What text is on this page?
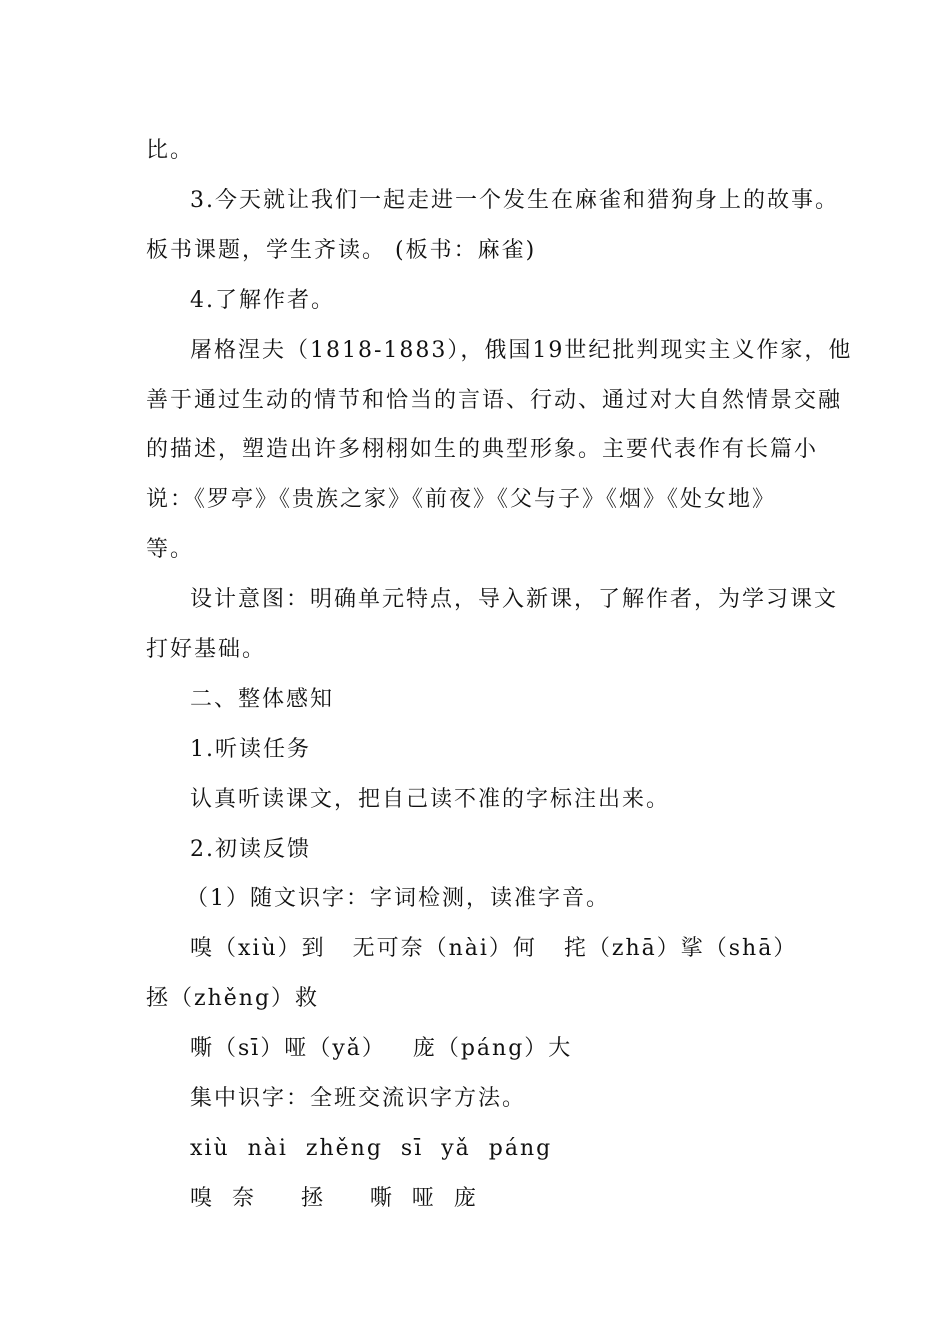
比。
3.今天就让我们一起走进一个发生在麻雀和猎狗身上的故事。
板书课题，学生齐读。 (板书：麻雀)
4.了解作者。
屠格涅夫（1818-1883），俄国19世纪批判现实主义作家，他
善于通过生动的情节和恰当的言语、行动、通过对大自然情景交融
的描述，塑造出许多栩栩如生的典型形象。主要代表作有长篇小
说：《罗亭》《贵族之家》《前夜》《父与子》《烟》《处女地》
等。
设计意图：明确单元特点，导入新课，了解作者，为学习课文
打好基础。
二、整体感知
1.听读任务
认真听读课文，把自己读不准的字标注出来。
2.初读反馈
（1）随文识字：字词检测，读准字音。
嗅（xiù）到   无可奈（nài）何   挓（zhā）挲（shā）
拯（zhěng）救
嘶（sī）哑（yǎ）   庞（páng）大
集中识字：全班交流识字方法。
xiù  nài  zhěng  sī  yǎ  páng
嗅  奈     拯     嘶  哑  庞
